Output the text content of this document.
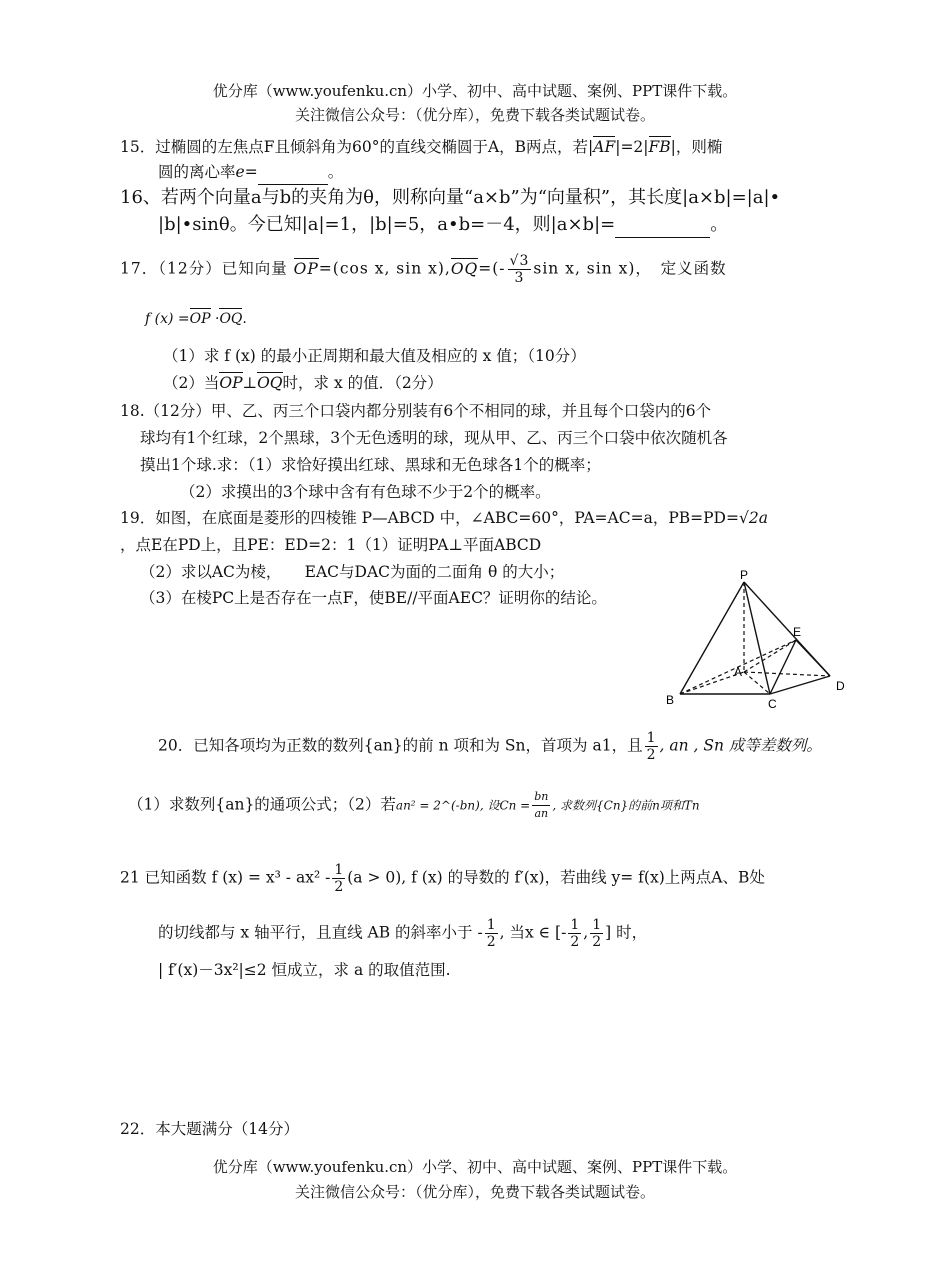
优分库（www.youfenku.cn）小学、初中、高中试题、案例、PPT课件下载。
关注微信公众号：（优分库），免费下载各类试题试卷。
15．过椭圆的左焦点F且倾斜角为60°的直线交椭圆于A，B两点，若|AF|=2|FB|，则椭
圆的离心率e=	。
16、若两个向量a与b的夹角为θ，则称向量“a×b”为“向量积”，其长度|a×b|=|a|•
|b|•sinθ。今已知|a|=1，|b|=5，a•b=－4，则|a×b|=	。
17．（12分）已知向量 OP=(cos x, $\sin x),OQ=(- \frac{√3}{3}$ sin x, sin x)，　定义函数
f (x) =OP ·OQ.
（1）求 f (x) 的最小正周期和最大值及相应的 x 值；（10分）
（2）当OP⊥OQ时，求 x 的值．（2分）
18.（12分）甲、乙、丙三个口袋内都分别装有6个不相同的球，并且每个口袋内的6个
球均有1个红球，2个黑球，3个无色透明的球，现从甲、乙、丙三个口袋中依次随机各
摸出1个球.求：（1）求恰好摸出红球、黑球和无色球各1个的概率；
（2）求摸出的3个球中含有有色球不少于2个的概率。
19．如图，在底面是菱形的四棱锥 P—ABCD 中，∠ABC=60°，PA=AC=a，PB=PD=√2a
，点E在PD上，且PE：ED=2：1（1）证明PA⊥平面ABCD
（2）求以AC为棱，　　EAC与DAC为面的二面角 θ 的大小；
（3）在棱PC上是否存在一点F，使BE//平面AEC？证明你的结论。
P
E
A
B	C
D
20．已知各项均为正数的数列{an}的前 n 项和为 Sn，首项为 a1，且 $\frac{1}{2}$ , an , Sn 成等差数列。
（1）求数列{an}的通项公式；（2）若an² = 2^(-bn), 设$Cn = \frac{bn}{an}$ , 求数列{Cn}的前n项和Tn
21 已知函数 f $(x) = x^3 - ax^2 - \frac{1}{2} (a > 0)$, f (x) 的导数的 f′(x)，若曲线 y= f(x)上两点A、B处
的切线都与 x 轴平行，且直线 AB 的斜率小于 - $\frac{1}{2}$ , 当x ∈ [- $\frac{1}{2}$ , $\frac{1}{2}$ ] 时，
| f′(x)－3x²|≤2 恒成立，求 a 的取值范围.
22．本大题满分（14分）
优分库（www.youfenku.cn）小学、初中、高中试题、案例、PPT课件下载。
关注微信公众号：（优分库），免费下载各类试题试卷。
